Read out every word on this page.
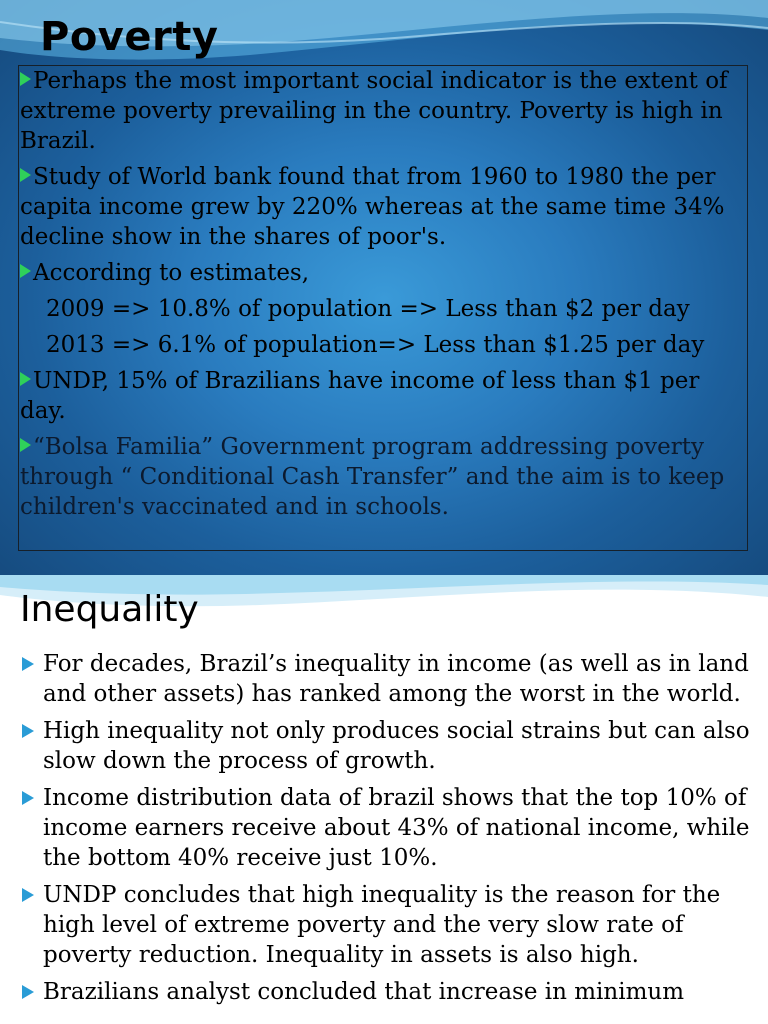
Poverty

Perhaps the most important social indicator is the extent of extreme poverty prevailing in the country. Poverty is high in Brazil.

Study of World bank found that from 1960 to 1980 the per capita income grew by 220% whereas at the same time 34% decline show in the shares of poor's.

According to estimates,

2009 => 10.8% of population => Less than $2 per day

2013 => 6.1% of population=> Less than $1.25 per day

UNDP, 15% of Brazilians have income of less than $1 per day.

“Bolsa Familia” Government program addressing poverty through “ Conditional Cash Transfer” and the aim is to keep children's vaccinated and in schools.

Inequality
For decades, Brazil’s inequality in income (as well as in land and other assets) has ranked among the worst in the world.
High inequality not only produces social strains but can also slow down the process of growth.
Income distribution data of brazil shows that the top 10% of income earners receive about 43% of national income, while the bottom 40% receive just 10%.
UNDP concludes that high inequality is the reason for the high level of extreme poverty and the very slow rate of poverty reduction. Inequality in assets is also high.
Brazilians analyst concluded that increase in minimum
